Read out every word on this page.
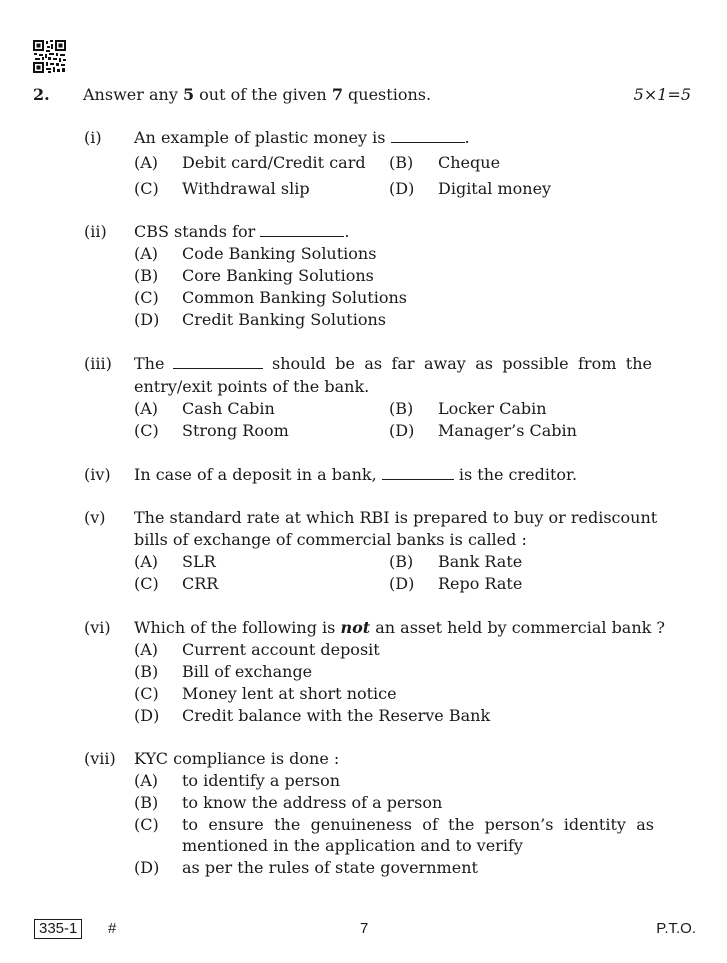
2. Answer any 5 out of the given 7 questions.	5×1=5
(i) An example of plastic money is	.
(A) Debit card/Credit card (B) Cheque
(C) Withdrawal slip	(D) Digital money
(ii) CBS stands for	.
(A) Code Banking Solutions
(B) Core Banking Solutions
(C) Common Banking Solutions
(D) Credit Banking Solutions
(iii) The	should be as far away as possible from the
entry/exit points of the bank.
(A) Cash Cabin	(B) Locker Cabin
(C) Strong Room	(D) Manager’s Cabin
(iv) In case of a deposit in a bank,	is the creditor.
(v) The standard rate at which RBI is prepared to buy or rediscount
bills of exchange of commercial banks is called :
(A) SLR	(B) Bank Rate
(C) CRR	(D) Repo Rate
(vi) Which of the following is not an asset held by commercial bank ?
(A) Current account deposit
(B) Bill of exchange
(C) Money lent at short notice
(D) Credit balance with the Reserve Bank
(vii) KYC compliance is done :
(A) to identify a person
(B) to know the address of a person
(C) to ensure the genuineness of the person’s identity as
mentioned in the application and to verify
(D) as per the rules of state government
335-1	#	7	P.T.O.
